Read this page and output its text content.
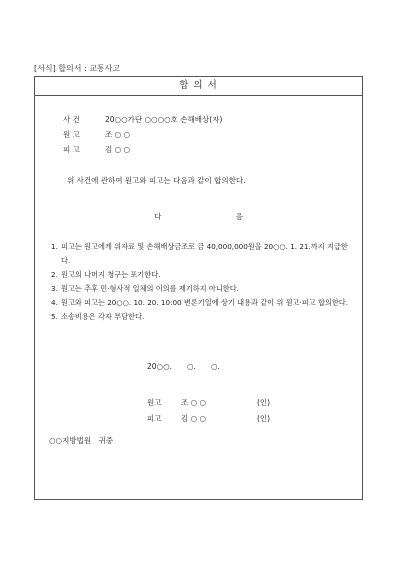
[서식] 합의서 : 교통사고
합 의 서
사 건	20○○가단 ○○○○호 손해배상(자)
원 고	조 ○ ○
피 고	김 ○ ○
위 사건에 관하여 원고와 피고는 다음과 같이 합의한다.
다 음
1. 피고는 원고에게 위자료 및 손해배상금조로 금 40,000,000원을 20○○. 1. 21.까지 지급한다.
2. 원고의 나머지 청구는 포기한다.
3. 원고는 추후 민·형사적 일체의 이의를 제기하지 아니한다.
4. 원고와 피고는 20○○. 10. 20. 10:00 변론기일에 상기 내용과 같이 위 원고·피고 합의한다.
5. 소송비용은 각자 부담한다.
20○○.　　○.　　○.
원고	조 ○ ○	(인)
피고	김 ○ ○	(인)
○○지방법원　귀중
